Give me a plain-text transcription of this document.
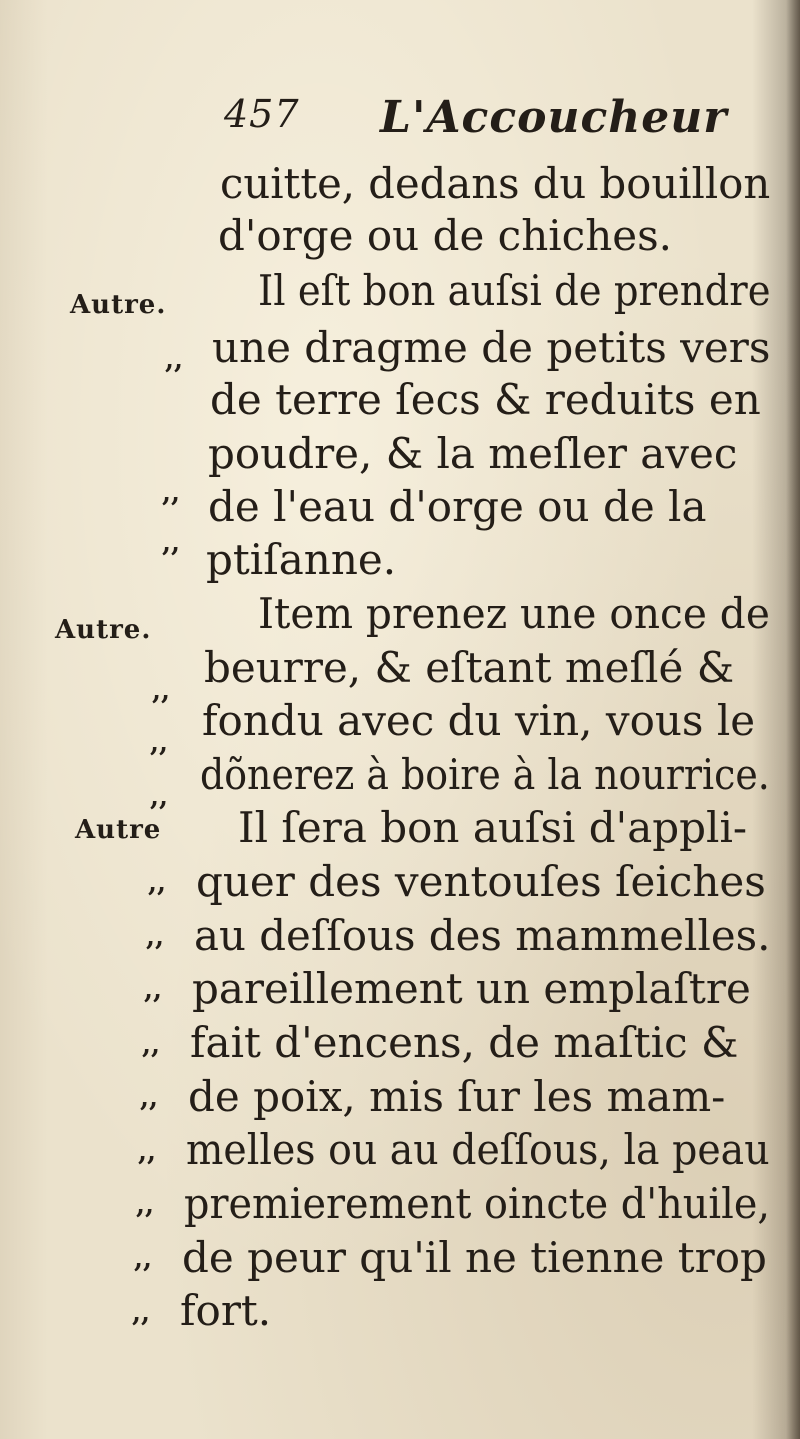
457 L'Accoucheur
Autre.
Autre.
Autre
,,
,,
,,
,,
,,
,,
,,
,,
,,
,,
,,
,,
,,
,,
,,
cuitte, dedans du bouillon
d'orge ou de chiches.
Il eſt bon auſsi de prendre
une dragme de petits vers
de terre ſecs & reduits en
poudre, & la meſler avec
de l'eau d'orge ou de la
ptiſanne.
Item prenez une once de
beurre, & eſtant meſlé &
fondu avec du vin, vous le
dõnerez à boire à la nourrice.
Il ſera bon auſsi d'appli-
quer des ventouſes ſeiches
au deſſous des mammelles.
pareillement un emplaſtre
fait d'encens, de maſtic &
de poix, mis ſur les mam-
melles ou au deſſous, la peau
premierement oincte d'huile,
de peur qu'il ne tienne trop
fort.
